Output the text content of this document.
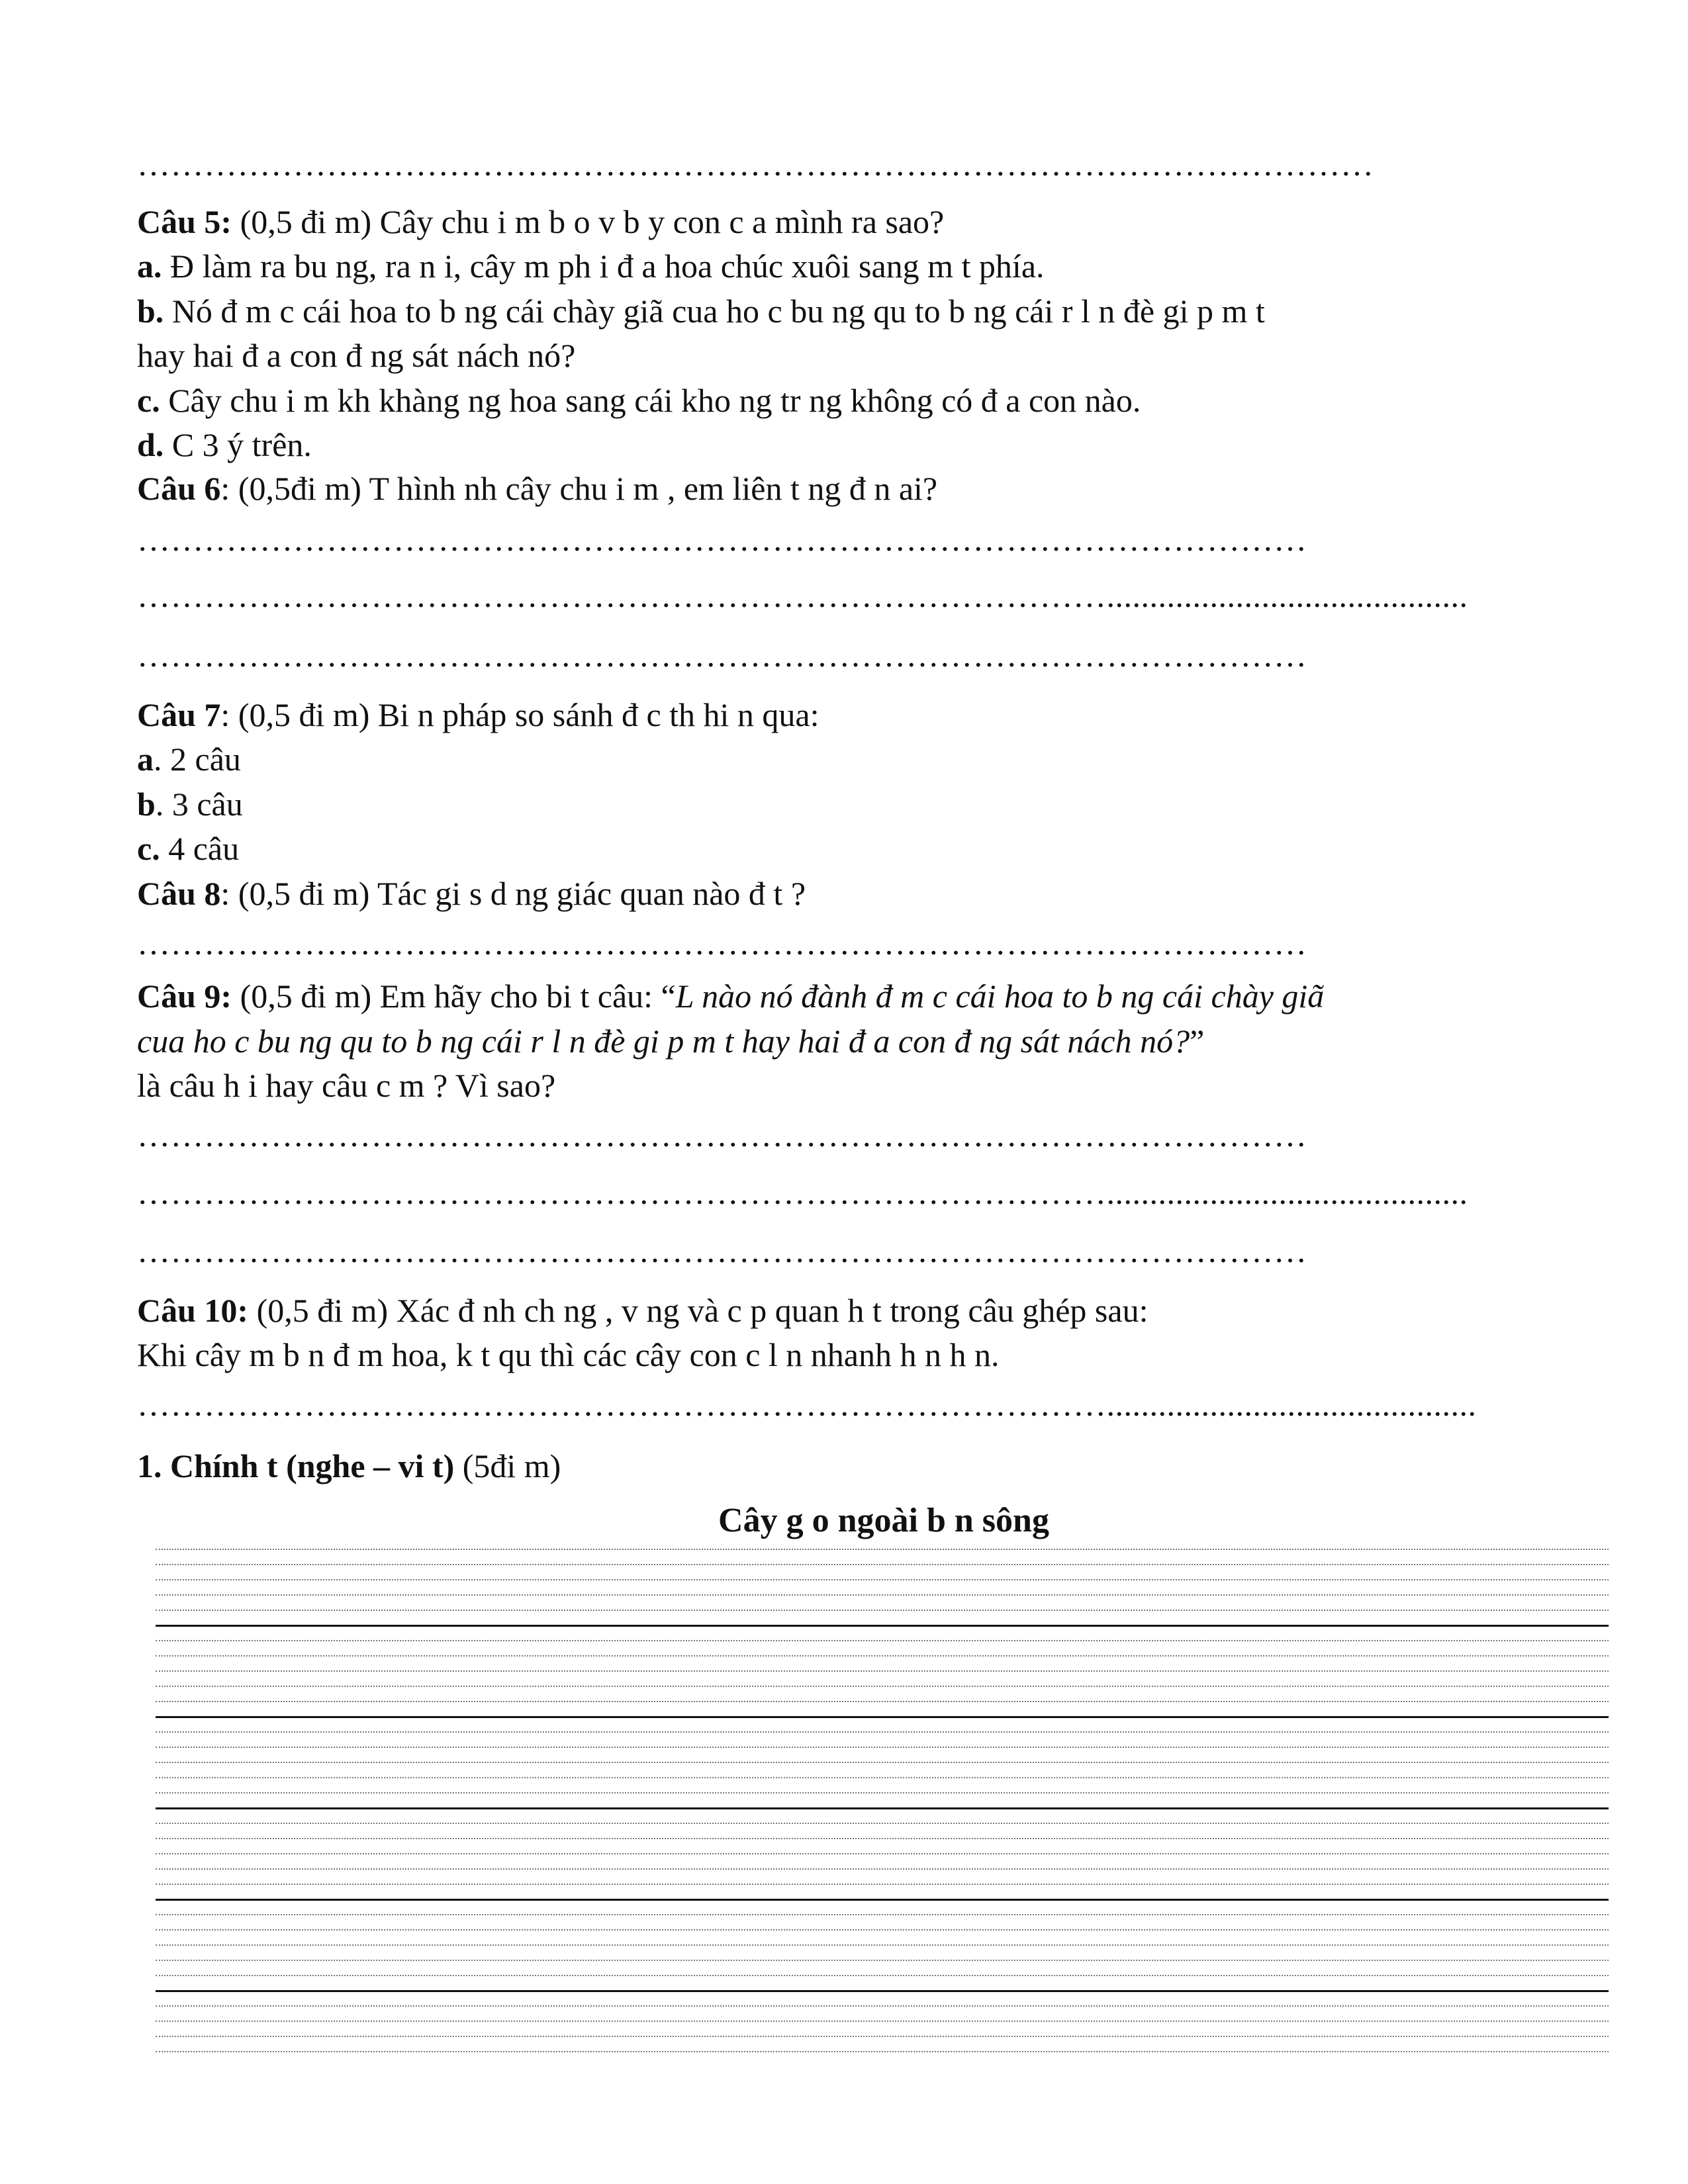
…………………………………………………………………………………………………
Câu 5: (0,5 đi m) Cây chu i m b o v b y con c a mình ra sao?
a. Đ làm ra bu ng, ra n i, cây m ph i đ a hoa chúc xuôi sang m t phía.
b. Nó đ m c cái hoa to b ng cái chày giã cua ho c bu ng qu to b ng cái r l n đè gi p m t
hay hai đ a con đ ng sát nách nó?
c. Cây chu i m kh khàng ng hoa sang cái kho ng tr ng không có đ a con nào.
d. C 3 ý trên.
Câu 6: (0,5đi m) T hình nh cây chu i m , em liên t ng đ n ai?
……………………………………………………………………………………………
……………………………………………………………………………..........................................
……………………………………………………………………………………………
Câu 7: (0,5 đi m) Bi n pháp so sánh đ c th hi n qua:
a. 2 câu
b. 3 câu
c. 4 câu
Câu 8: (0,5 đi m) Tác gi s d ng giác quan nào đ t ?
……………………………………………………………………………………………
Câu 9: (0,5 đi m) Em hãy cho bi t câu: “L nào nó đành đ m c cái hoa to b ng cái chày giã
cua ho c bu ng qu to b ng cái r l n đè gi p m t hay hai đ a con đ ng sát nách nó?”
là câu h i hay câu c m ? Vì sao?
……………………………………………………………………………………………
……………………………………………………………………………..........................................
……………………………………………………………………………………………
Câu 10: (0,5 đi m) Xác đ nh ch ng , v ng và c p quan h t trong câu ghép sau:
Khi cây m b n đ m hoa, k t qu thì các cây con c l n nhanh h n h n.
……………………………………………………………………………...........................................
1. Chính t (nghe – vi t) (5đi m)
Cây g o ngoài b n sông
